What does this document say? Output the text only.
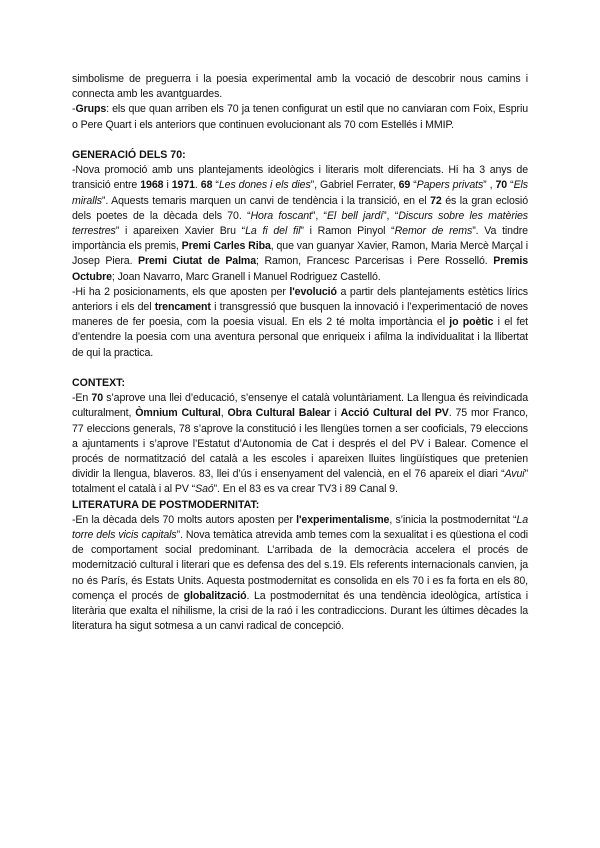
simbolisme de preguerra i la poesia experimental amb la vocació de descobrir nous camins i connecta amb les avantguardes.

-Grups: els que quan arriben els 70 ja tenen configurat un estil que no canviaran com Foix, Espriu o Pere Quart i els anteriors que continuen evolucionant als 70 com Estellés i MMIP.

GENERACIÓ DELS 70:

-Nova promoció amb uns plantejaments ideològics i literaris molt diferenciats. Hi ha 3 anys de transició entre 1968 i 1971. 68 “Les dones i els dies”, Gabriel Ferrater, 69 “Papers privats” , 70 “Els miralls”. Aquests temaris marquen un canvi de tendència i la transició, en el 72 és la gran eclosió dels poetes de la dècada dels 70. “Hora foscant”, “El bell jardí”, “Discurs sobre les matèries terrestres” i apareixen Xavier Bru “La fi del fil” i Ramon Pinyol “Remor de rems”. Va tindre importància els premis, Premi Carles Riba, que van guanyar Xavier, Ramon, Maria Mercè Marçal i Josep Piera. Premi Ciutat de Palma; Ramon, Francesc Parcerisas i Pere Rosselló. Premis Octubre; Joan Navarro, Marc Granell i Manuel Rodriguez Castelló.

-Hi ha 2 posicionaments, els que aposten per l'evolució a partir dels plantejaments estètics lírics anteriors i els del trencament i transgressió que busquen la innovació i l’experimentació de noves maneres de fer poesia, com la poesia visual. En els 2 té molta importància el jo poètic i el fet d’entendre la poesia com una aventura personal que enriqueix i afilma la individualitat i la llibertat de qui la practica.

CONTEXT:

-En 70 s’aprove una llei d’educació, s’ensenye el català voluntàriament. La llengua és reivindicada culturalment, Òmnium Cultural, Obra Cultural Balear i Acció Cultural del PV. 75 mor Franco, 77 eleccions generals, 78 s’aprove la constitució i les llengües tornen a ser cooficials, 79 eleccions a ajuntaments i s’aprove l’Estatut d’Autonomia de Cat i després el del PV i Balear. Comence el procés de normatització del català a les escoles i apareixen lluites lingüístiques que pretenien dividir la llengua, blaveros. 83, llei d’ús i ensenyament del valencià, en el 76 apareix el diari “Avui” totalment el català i al PV “Saó”. En el 83 es va crear TV3 i 89 Canal 9.

LITERATURA DE POSTMODERNITAT:

-En la dècada dels 70 molts autors aposten per l'experimentalisme, s’inicia la postmodernitat “La torre dels vicis capitals”. Nova temàtica atrevida amb temes com la sexualitat i es qüestiona el codi de comportament social predominant. L’arribada de la democràcia accelera el procés de modernització cultural i literari que es defensa des del s.19. Els referents internacionals canvien, ja no és París, és Estats Units. Aquesta postmodernitat es consolida en els 70 i es fa forta en els 80, comença el procés de globalització. La postmodernitat és una tendència ideològica, artística i literària que exalta el nihilisme, la crisi de la raó i les contradiccions. Durant les últimes dècades la literatura ha sigut sotmesa a un canvi radical de concepció.
